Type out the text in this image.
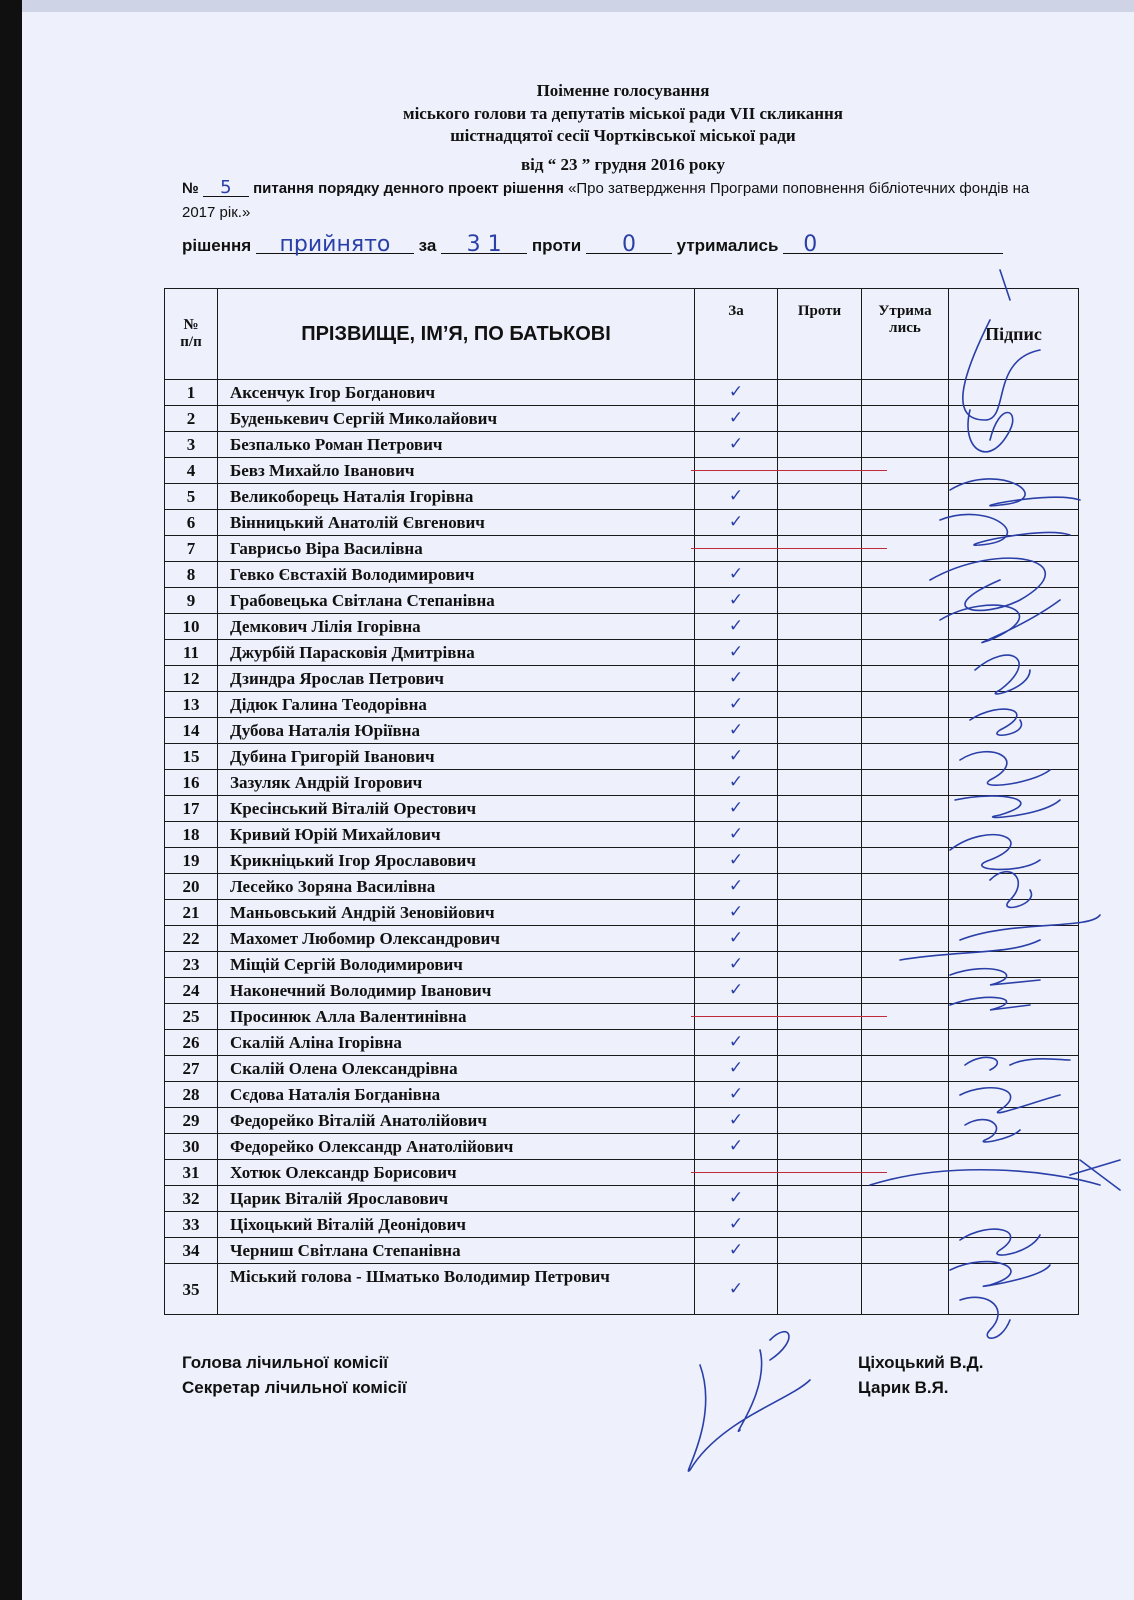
Поіменне голосування
міського голови та депутатів міської ради VII скликання
шістнадцятої сесії Чортківської міської ради
від “ 23 ” грудня 2016 року
№ 5 питання порядку денного проект рішення «Про затвердження Програми поповнення бібліотечних фондів на 2017 рік.»
рішення прийнято за 3 1 проти 0 утримались 0
№
п/п	ПРІЗВИЩЕ, ІМ’Я, ПО БАТЬКОВІ	За	Проти	Утрима
лись	Підпис
1	Аксенчук Ігор Богданович	✓			
2	Буденькевич Сергій Миколайович	✓			
3	Безпалько Роман Петрович	✓			
4	Бевз Михайло Іванович	

5	Великоборець Наталія Ігорівна	✓			
6	Вінницький Анатолій Євгенович	✓			
7	Гаврисьо Віра Василівна	

8	Гевко Євстахій Володимирович	✓			
9	Грабовецька Світлана Степанівна	✓			
10	Демкович Лілія Ігорівна	✓			
11	Джурбій Парасковія Дмитрівна	✓			
12	Дзиндра Ярослав Петрович	✓			
13	Дідюк Галина Теодорівна	✓			
14	Дубова Наталія Юріївна	✓			
15	Дубина Григорій Іванович	✓			
16	Зазуляк Андрій Ігорович	✓			
17	Кресінський Віталій Орестович	✓			
18	Кривий Юрій Михайлович	✓			
19	Крикніцький Ігор Ярославович	✓			
20	Лесейко Зоряна Василівна	✓			
21	Маньовський Андрій Зеновійович	✓			
22	Махомет Любомир Олександрович	✓			
23	Міщій Сергій Володимирович	✓			
24	Наконечний Володимир Іванович	✓			
25	Просинюк Алла Валентинівна	

26	Скалій Аліна Ігорівна	✓			
27	Скалій Олена Олександрівна	✓			
28	Сєдова Наталія Богданівна	✓			
29	Федорейко Віталій Анатолійович	✓			
30	Федорейко Олександр Анатолійович	✓			
31	Хотюк Олександр Борисович	

32	Царик Віталій Ярославович	✓			
33	Ціхоцький Віталій Деонідович	✓			
34	Черниш Світлана Степанівна	✓			
35	Міський голова - Шматько Володимир Петрович	✓			
Голова лічильної комісії
Секретар лічильної комісії
Ціхоцький В.Д.
Царик В.Я.
